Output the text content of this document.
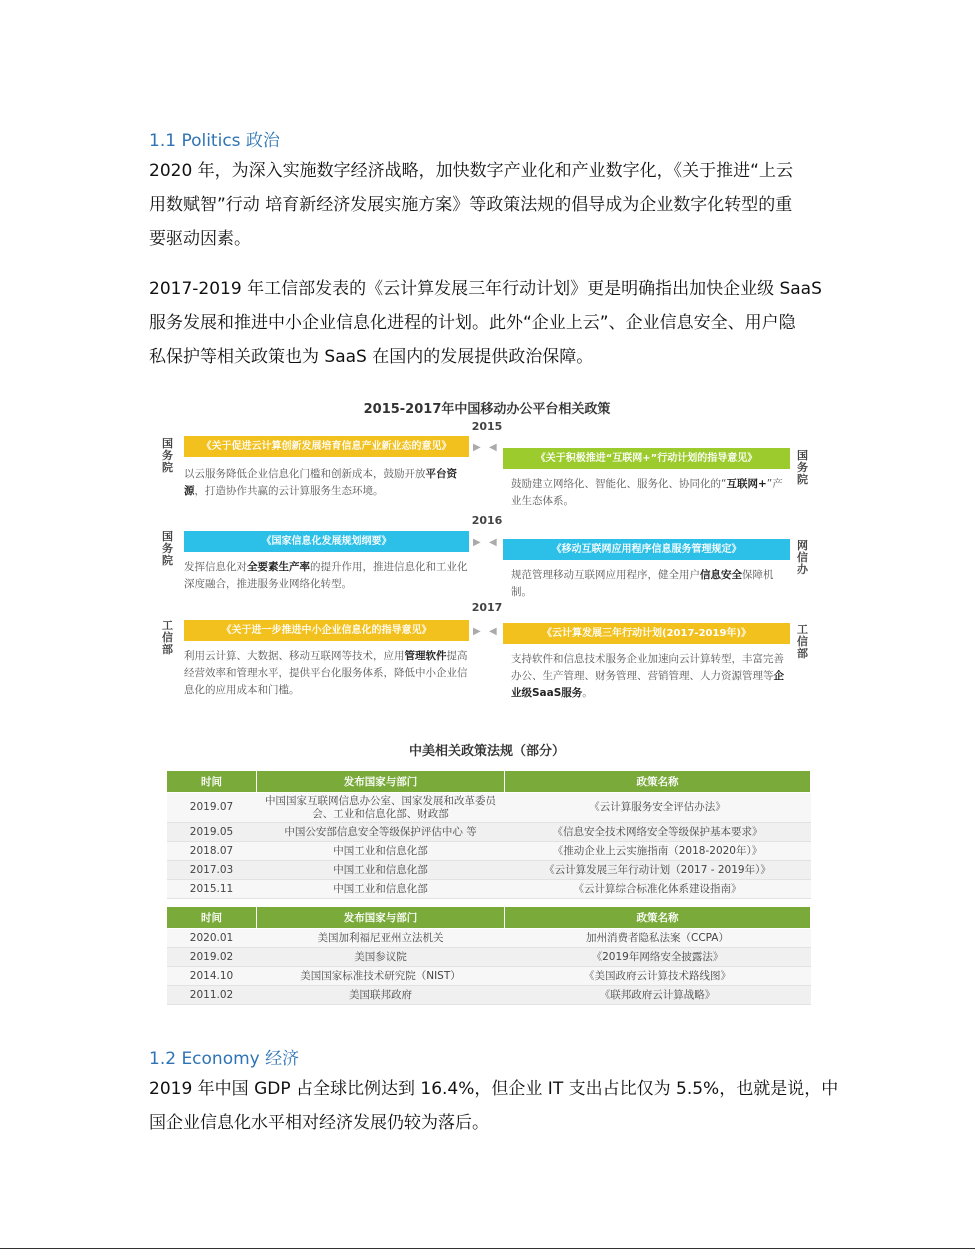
1.1 Politics 政治
2020 年，为深入实施数字经济战略，加快数字产业化和产业数字化，《关于推进“上云
用数赋智”行动 培育新经济发展实施方案》等政策法规的倡导成为企业数字化转型的重
要驱动因素。
2017-2019 年工信部发表的《云计算发展三年行动计划》更是明确指出加快企业级 SaaS
服务发展和推进中小企业信息化进程的计划。此外“企业上云”、企业信息安全、用户隐
私保护等相关政策也为 SaaS 在国内的发展提供政治保障。
2015-2017年中国移动办公平台相关政策
2015
国务院
《关于促进云计算创新发展培育信息产业新业态的意见》
以云服务降低企业信息化门槛和创新成本，鼓励开放平台资源，打造协作共赢的云计算服务生态环境。
▶ ◀
《关于积极推进“互联网+”行动计划的指导意见》
鼓励建立网络化、智能化、服务化、协同化的“互联网+”产业生态体系。
国务院
2016
国务院
《国家信息化发展规划纲要》
发挥信息化对全要素生产率的提升作用，推进信息化和工业化深度融合，推进服务业网络化转型。
▶ ◀
《移动互联网应用程序信息服务管理规定》
规范管理移动互联网应用程序，健全用户信息安全保障机制。
网信办
2017
工信部
《关于进一步推进中小企业信息化的指导意见》
利用云计算、大数据、移动互联网等技术，应用管理软件提高经营效率和管理水平，提供平台化服务体系，降低中小企业信息化的应用成本和门槛。
▶ ◀	《云计算发展三年行动计划(2017-2019年)》
支持软件和信息技术服务企业加速向云计算转型，丰富完善办公、生产管理、财务管理、营销管理、人力资源管理等企业级SaaS服务。
工信部
中美相关政策法规（部分）
时间	发布国家与部门	政策名称
2019.07	中国国家互联网信息办公室、国家发展和改革委员会、工业和信息化部、财政部	《云计算服务安全评估办法》
2019.05	中国公安部信息安全等级保护评估中心 等	《信息安全技术网络安全等级保护基本要求》
2018.07	中国工业和信息化部	《推动企业上云实施指南（2018-2020年）》
2017.03	中国工业和信息化部	《云计算发展三年行动计划（2017 - 2019年）》
2015.11	中国工业和信息化部	《云计算综合标准化体系建设指南》
时间	发布国家与部门	政策名称
2020.01	美国加利福尼亚州立法机关	加州消费者隐私法案（CCPA）
2019.02	美国参议院	《2019年网络安全披露法》
2014.10	美国国家标准技术研究院（NIST）	《美国政府云计算技术路线图》
2011.02	美国联邦政府	《联邦政府云计算战略》
1.2 Economy 经济
2019 年中国 GDP 占全球比例达到 16.4%，但企业 IT 支出占比仅为 5.5%，也就是说，中
国企业信息化水平相对经济发展仍较为落后。
